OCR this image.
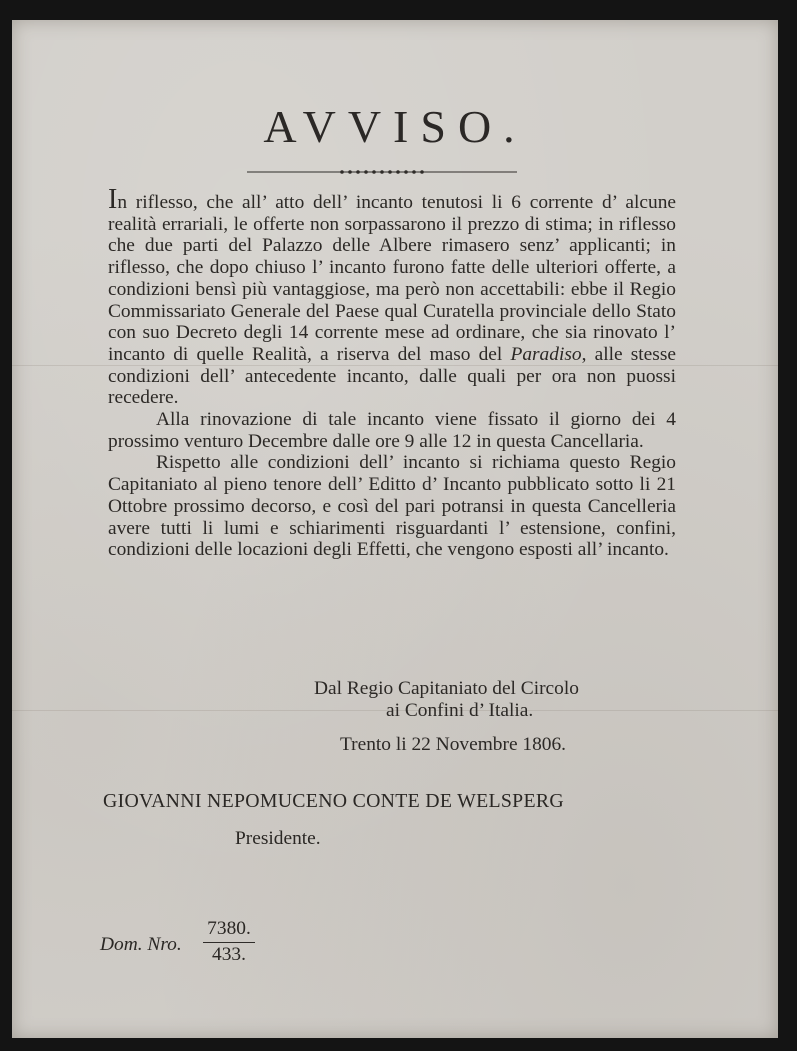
AVVISO.

In riflesso, che all’ atto dell’ incanto tenutosi li 6 corrente d’ alcune realità errariali, le offerte non sorpassarono il prezzo di stima; in riflesso che due parti del Palazzo delle Albere rimasero senz’ applicanti; in riflesso, che dopo chiuso l’ incanto furono fatte delle ulteriori offerte, a condizioni bensì più vantaggiose, ma però non accettabili: ebbe il Regio Commissariato Generale del Paese qual Curatella provinciale dello Stato con suo Decreto degli 14 corrente mese ad ordinare, che sia rinovato l’ incanto di quelle Realità, a riserva del maso del Paradiso, alle stesse condizioni dell’ antecedente incanto, dalle quali per ora non puossi recedere.

Alla rinovazione di tale incanto viene fissato il giorno dei 4 prossimo venturo Decembre dalle ore 9 alle 12 in questa Cancellaria.

Rispetto alle condizioni dell’ incanto si richiama questo Regio Capitaniato al pieno tenore dell’ Editto d’ Incanto pubblicato sotto li 21 Ottobre prossimo decorso, e così del pari potransi in questa Cancelleria avere tutti li lumi e schiarimenti risguardanti l’ estensione, confini, condizioni delle locazioni degli Effetti, che vengono esposti all’ incanto.

Dal Regio Capitaniato del Circolo
ai Confini d’ Italia.
Trento li 22 Novembre 1806.
GIOVANNI NEPOMUCENO CONTE DE WELSPERG
Presidente.
Dom. Nro.
7380.
433.
